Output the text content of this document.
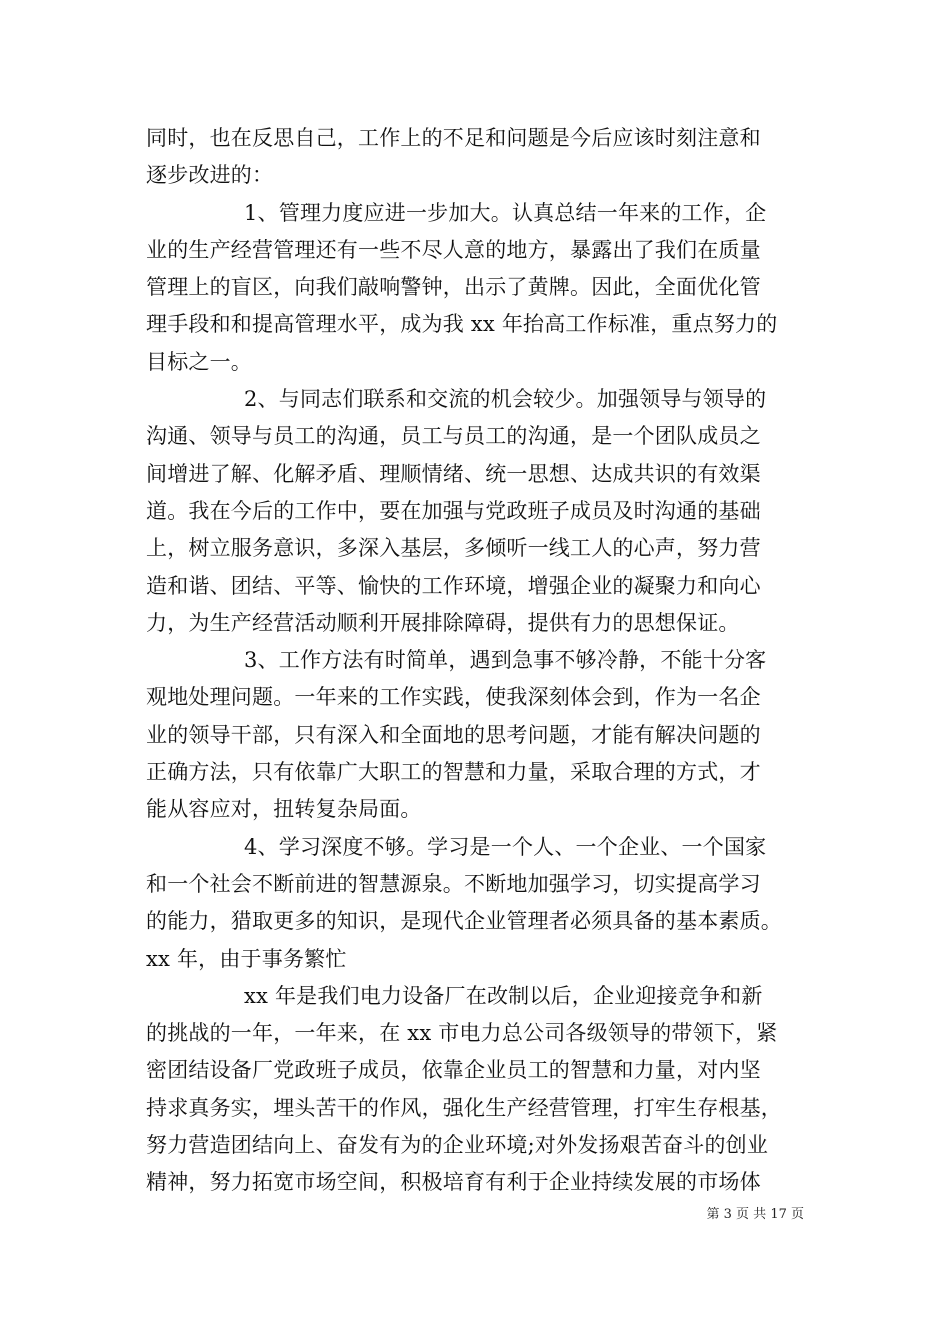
同时，也在反思自己，工作上的不足和问题是今后应该时刻注意和
逐步改进的：
1、管理力度应进一步加大。认真总结一年来的工作，企
业的生产经营管理还有一些不尽人意的地方，暴露出了我们在质量
管理上的盲区，向我们敲响警钟，出示了黄牌。因此，全面优化管
理手段和和提高管理水平，成为我 xx 年抬高工作标准，重点努力的
目标之一。
2、与同志们联系和交流的机会较少。加强领导与领导的
沟通、领导与员工的沟通，员工与员工的沟通，是一个团队成员之
间增进了解、化解矛盾、理顺情绪、统一思想、达成共识的有效渠
道。我在今后的工作中，要在加强与党政班子成员及时沟通的基础
上，树立服务意识，多深入基层，多倾听一线工人的心声，努力营
造和谐、团结、平等、愉快的工作环境，增强企业的凝聚力和向心
力，为生产经营活动顺利开展排除障碍，提供有力的思想保证。
3、工作方法有时简单，遇到急事不够冷静，不能十分客
观地处理问题。一年来的工作实践，使我深刻体会到，作为一名企
业的领导干部，只有深入和全面地的思考问题，才能有解决问题的
正确方法，只有依靠广大职工的智慧和力量，采取合理的方式，才
能从容应对，扭转复杂局面。
4、学习深度不够。学习是一个人、一个企业、一个国家
和一个社会不断前进的智慧源泉。不断地加强学习，切实提高学习
的能力，猎取更多的知识，是现代企业管理者必须具备的基本素质。
xx 年，由于事务繁忙
xx 年是我们电力设备厂在改制以后，企业迎接竞争和新
的挑战的一年，一年来，在 xx 市电力总公司各级领导的带领下，紧
密团结设备厂党政班子成员，依靠企业员工的智慧和力量，对内坚
持求真务实，埋头苦干的作风，强化生产经营管理，打牢生存根基，
努力营造团结向上、奋发有为的企业环境;对外发扬艰苦奋斗的创业
精神，努力拓宽市场空间，积极培育有利于企业持续发展的市场体
第 3 页 共 17 页
